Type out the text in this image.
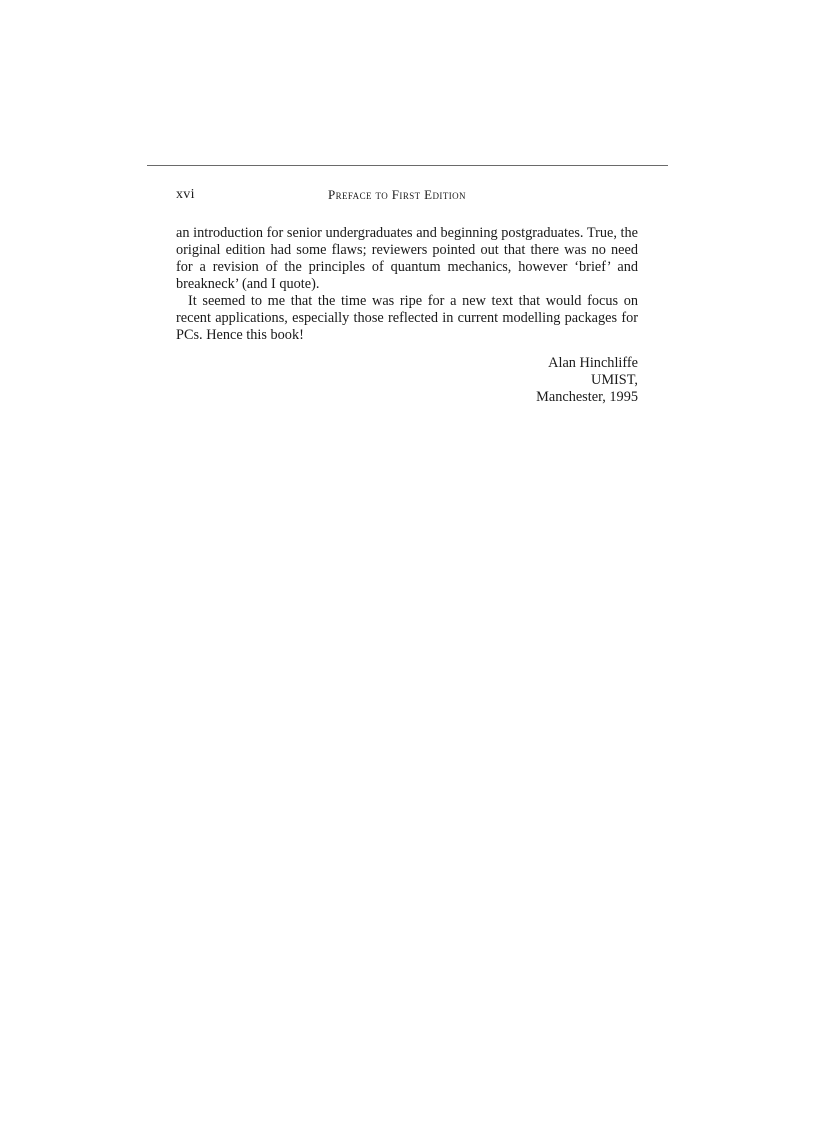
xvi	Preface to First Edition

an introduction for senior undergraduates and beginning postgraduates. True, the original edition had some flaws; reviewers pointed out that there was no need for a revision of the principles of quantum mechanics, however ‘brief’ and breakneck’ (and I quote).

It seemed to me that the time was ripe for a new text that would focus on recent applications, especially those reflected in current modelling packages for PCs. Hence this book!

Alan Hinchliffe
UMIST,
Manchester, 1995
